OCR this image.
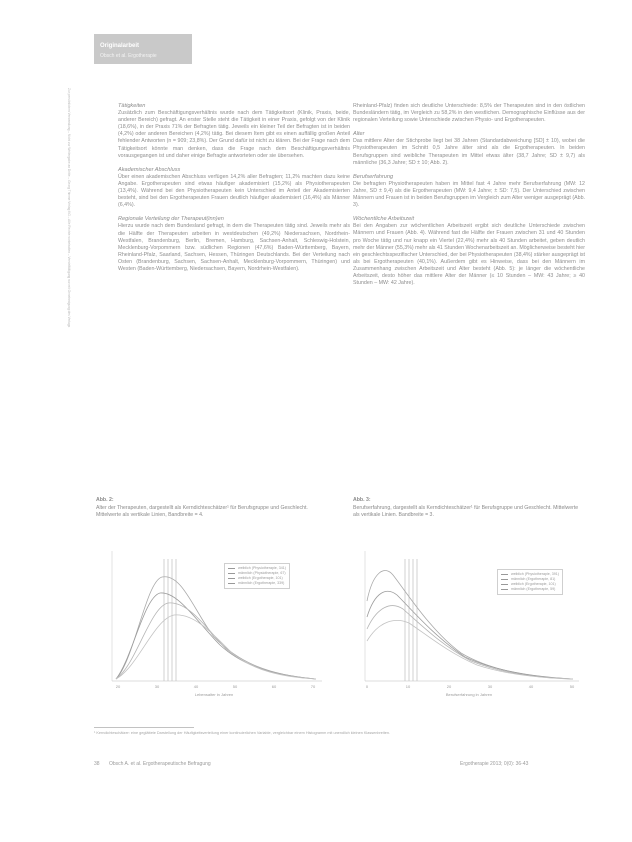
Zur persönlichen Verwendung – Nicht zur Weitergabe an Dritte – Georg Thieme Verlag KG – Alle Rechte vorbehalten – Vervielfältigung nur mit Genehmigung des Verlags
Originalarbeit
Obsch et al. Ergotherapie
Tätigkeiten

Zusätzlich zum Beschäftigungsverhältnis wurde nach dem Tätigkeitsort (Klinik, Praxis, beide, anderer Bereich) gefragt. An erster Stelle steht die Tätigkeit in einer Praxis, gefolgt von der Klinik (18,6%), in der Praxis 71% der Befragten tätig. Jeweils ein kleiner Teil der Befragten ist in beiden (4,2%) oder anderen Bereichen (4,2%) tätig. Bei diesem Item gibt es einen auffällig großen Anteil fehlender Antworten (n = 909; 23,8%). Der Grund dafür ist nicht zu klären. Bei der Frage nach dem Tätigkeitsort könnte man denken, dass die Frage nach dem Beschäftigungsverhältnis vorausgegangen ist und daher einige Befragte antworteten oder sie übersehen.

Akademischer Abschluss

Über einen akademischen Abschluss verfügen 14,2% aller Befragten; 11,2% machten dazu keine Angabe. Ergotherapeuten sind etwas häufiger akademisiert (15,2%) als Physiotherapeuten (13,4%). Während bei den Physiotherapeuten kein Unterschied im Anteil der Akademisierten besteht, sind bei den Ergotherapeuten Frauen deutlich häufiger akademisiert (16,4%) als Männer (6,4%).

Regionale Verteilung der Therapeut(inn)en

Hierzu wurde nach dem Bundesland gefragt, in dem die Therapeuten tätig sind. Jeweils mehr als die Hälfte der Therapeuten arbeiten in westdeutschen (49,2%) Niedersachsen, Nordrhein-Westfalen, Brandenburg, Berlin, Bremen, Hamburg, Sachsen-Anhalt, Schleswig-Holstein, Mecklenburg-Vorpommern bzw. südlichen Regionen (47,6%) Baden-Württemberg, Bayern, Rheinland-Pfalz, Saarland, Sachsen, Hessen, Thüringen Deutschlands. Bei der Verteilung nach Osten (Brandenburg, Sachsen, Sachsen-Anhalt, Mecklenburg-Vorpommern, Thüringen) und Westen (Baden-Württemberg, Niedersachsen, Bayern, Nordrhein-Westfalen).

Rheinland-Pfalz) finden sich deutliche Unterschiede: 8,5% der Therapeuten sind in den östlichen Bundesländern tätig, im Vergleich zu 58,2% in den westlichen. Demographische Einflüsse aus der regionalen Verteilung sowie Unterschiede zwischen Physio- und Ergotherapeuten.

Alter

Das mittlere Alter der Stichprobe liegt bei 38 Jahren (Standardabweichung [SD] ± 10), wobei die Physiotherapeuten im Schnitt 0,5 Jahre älter sind als die Ergotherapeuten. In beiden Berufsgruppen sind weibliche Therapeuten im Mittel etwas älter (38,7 Jahre; SD ± 9,7) als männliche (36,3 Jahre; SD ± 10; Abb. 2).

Berufserfahrung

Die befragten Physiotherapeuten haben im Mittel fast 4 Jahre mehr Berufserfahrung (MW: 12 Jahre, SD ± 9,4) als die Ergotherapeuten (MW: 9,4 Jahre; ± SD: 7,5). Der Unterschied zwischen Männern und Frauen ist in beiden Berufsgruppen im Vergleich zum Alter weniger ausgeprägt (Abb. 3).

Wöchentliche Arbeitszeit

Bei den Angaben zur wöchentlichen Arbeitszeit ergibt sich deutliche Unterschiede zwischen Männern und Frauen (Abb. 4). Während fast die Hälfte der Frauen zwischen 31 und 40 Stunden pro Woche tätig und nur knapp ein Viertel (22,4%) mehr als 40 Stunden arbeitet, geben deutlich mehr der Männer (55,3%) mehr als 41 Stunden Wochenarbeitszeit an. Möglicherweise besteht hier ein geschlechtsspezifischer Unterschied, der bei Physiotherapeuten (38,4%) stärker ausgeprägt ist als bei Ergotherapeuten (40,1%). Außerdem gibt es Hinweise, dass bei den Männern im Zusammenhang zwischen Arbeitszeit und Alter besteht (Abb. 5): je länger die wöchentliche Arbeitszeit, desto höher das mittlere Alter der Männer (≤ 10 Stunden – MW: 43 Jahre; ≥ 40 Stunden – MW: 42 Jahre).

Abb. 2:
Alter der Therapeuten, dargestellt als Kerndichteschätzer¹ für Berufsgruppe und Geschlecht. Mittelwerte als vertikale Linien, Bandbreite = 4.
20	30	40	50	60	70
Lebensalter in Jahren
weiblich (Physiotherapie, 341)
männlich (Physiotherapie, 67)
weiblich (Ergotherapie, 101)
männlich (Ergotherapie, 339)
Abb. 3:
Berufserfahrung, dargestellt als Kerndichteschätzer¹ für Berufsgruppe und Geschlecht. Mittelwerte als vertikale Linien. Bandbreite = 3.
0	10	20	30	40	50
Berufserfahrung in Jahren
weiblich (Physiotherapie, 391)
männlich (Ergotherapie, 81)
weiblich (Ergotherapie, 101)
männlich (Ergotherapie, 59)
¹ Kerndichteschätzer: eine geglättete Darstellung der Häufigkeitsverteilung einer kontinuierlichen Variable, vergleichbar einem Histogramm mit unendlich kleinen Klassenbreiten.
38 Obsch A. et al. Ergotherapeutische Befragung	Ergotherapie 2013; 0(0): 36-43
